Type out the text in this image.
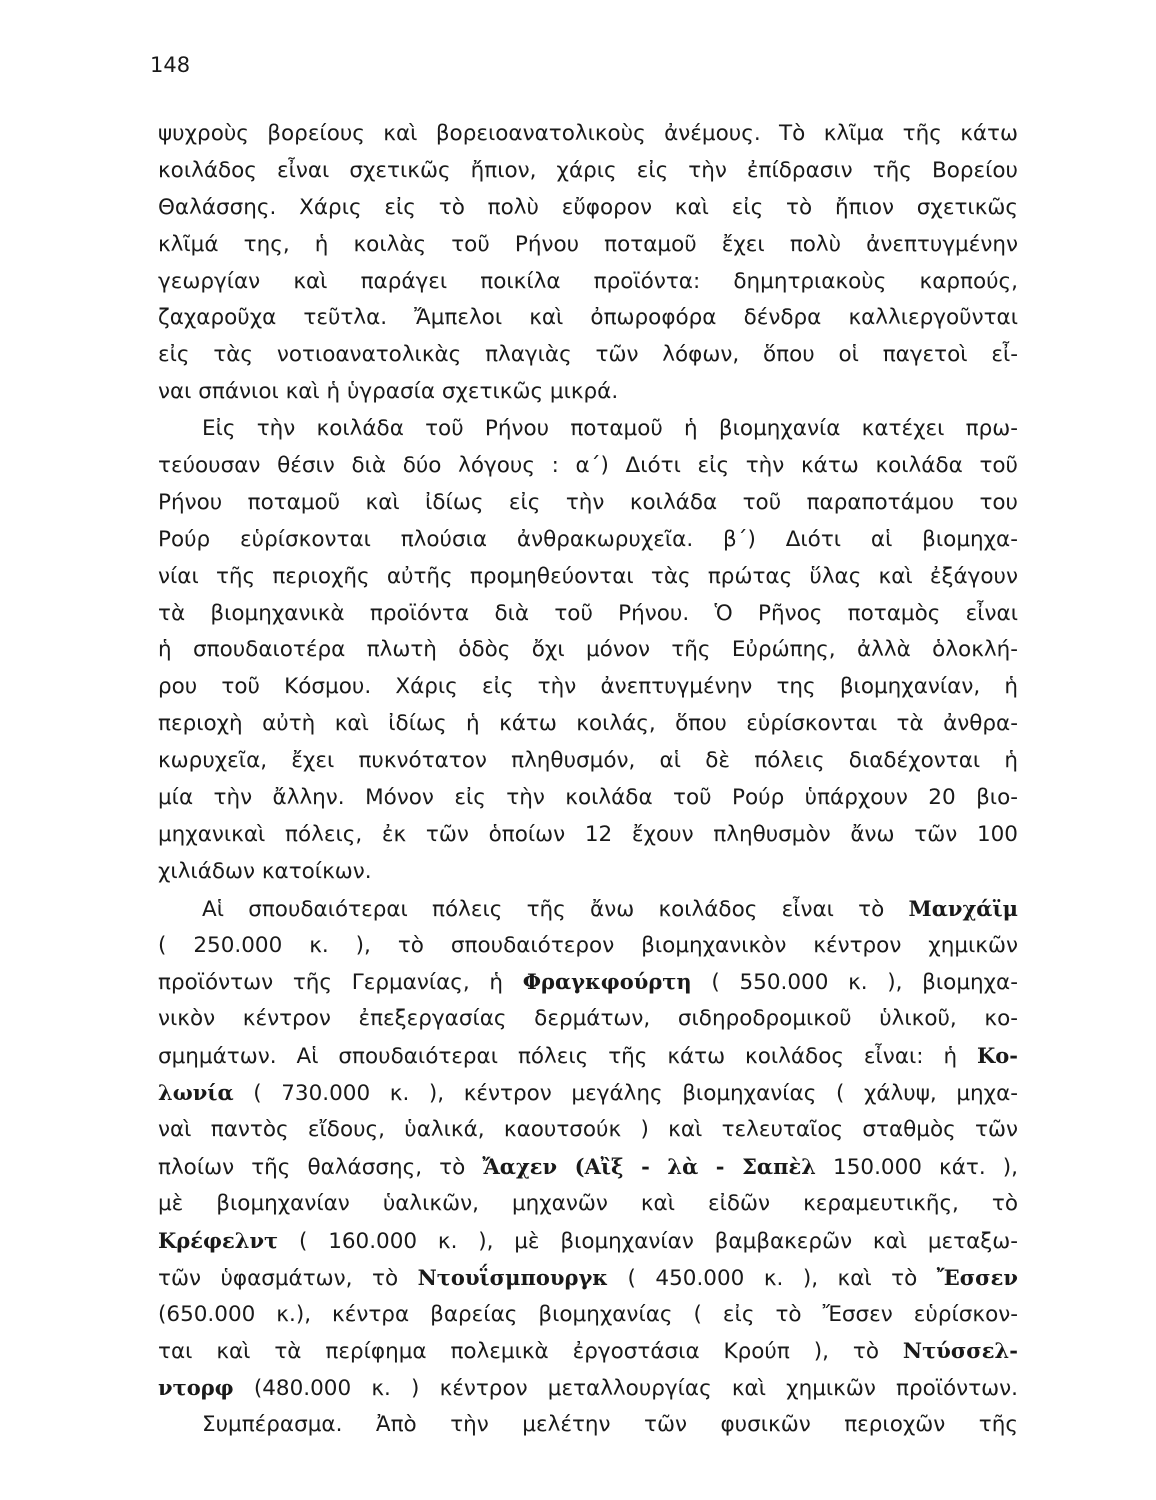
148
ψυχροὺς βορείους καὶ βορειοανατολικοὺς ἀνέμους. Τὸ κλῖμα τῆς κάτω
κοιλάδος εἶναι σχετικῶς ἤπιον, χάρις εἰς τὴν ἐπίδρασιν τῆς Βορείου
Θαλάσσης. Χάρις εἰς τὸ πολὺ εὔφορον καὶ εἰς τὸ ἤπιον σχετικῶς
κλῖμά της, ἡ κοιλὰς τοῦ Ρήνου ποταμοῦ ἔχει πολὺ ἀνεπτυγμένην
γεωργίαν καὶ παράγει ποικίλα προϊόντα: δημητριακοὺς καρπούς,
ζαχαροῦχα τεῦτλα. Ἄμπελοι καὶ ὀπωροφόρα δένδρα καλλιεργοῦνται
εἰς τὰς νοτιοανατολικὰς πλαγιὰς τῶν λόφων, ὅπου οἱ παγετοὶ εἶ-
ναι σπάνιοι καὶ ἡ ὑγρασία σχετικῶς μικρά.
Εἰς τὴν κοιλάδα τοῦ Ρήνου ποταμοῦ ἡ βιομηχανία κατέχει πρω-
τεύουσαν θέσιν διὰ δύο λόγους : α΄) Διότι εἰς τὴν κάτω κοιλάδα τοῦ
Ρήνου ποταμοῦ καὶ ἰδίως εἰς τὴν κοιλάδα τοῦ παραποτάμου του
Ρούρ εὑρίσκονται πλούσια ἀνθρακωρυχεῖα. β΄) Διότι αἱ βιομηχα-
νίαι τῆς περιοχῆς αὐτῆς προμηθεύονται τὰς πρώτας ὕλας καὶ ἐξάγουν
τὰ βιομηχανικὰ προϊόντα διὰ τοῦ Ρήνου. Ὁ Ρῆνος ποταμὸς εἶναι
ἡ σπουδαιοτέρα πλωτὴ ὁδὸς ὄχι μόνον τῆς Εὐρώπης, ἀλλὰ ὁλοκλή-
ρου τοῦ Κόσμου. Χάρις εἰς τὴν ἀνεπτυγμένην της βιομηχανίαν, ἡ
περιοχὴ αὐτὴ καὶ ἰδίως ἡ κάτω κοιλάς, ὅπου εὑρίσκονται τὰ ἀνθρα-
κωρυχεῖα, ἔχει πυκνότατον πληθυσμόν, αἱ δὲ πόλεις διαδέχονται ἡ
μία τὴν ἄλλην. Μόνον εἰς τὴν κοιλάδα τοῦ Ρούρ ὑπάρχουν 20 βιο-
μηχανικαὶ πόλεις, ἐκ τῶν ὁποίων 12 ἔχουν πληθυσμὸν ἄνω τῶν 100
χιλιάδων κατοίκων.
Αἱ σπουδαιότεραι πόλεις τῆς ἄνω κοιλάδος εἶναι τὸ Μανχάϊμ
( 250.000 κ. ), τὸ σπουδαιότερον βιομηχανικὸν κέντρον χημικῶν
προϊόντων τῆς Γερμανίας, ἡ Φραγκφούρτη ( 550.000 κ. ), βιομηχα-
νικὸν κέντρον ἐπεξεργασίας δερμάτων, σιδηροδρομικοῦ ὑλικοῦ, κο-
σμημάτων. Αἱ σπουδαιότεραι πόλεις τῆς κάτω κοιλάδος εἶναι: ἡ Κο-
λωνία ( 730.000 κ. ), κέντρον μεγάλης βιομηχανίας ( χάλυψ, μηχα-
ναὶ παντὸς εἴδους, ὑαλικά, καουτσούκ ) καὶ τελευταῖος σταθμὸς τῶν
πλοίων τῆς θαλάσσης, τὸ Ἄαχεν (Αἲξ - λὰ - Σαπὲλ 150.000 κάτ. ),
μὲ βιομηχανίαν ὑαλικῶν, μηχανῶν καὶ εἰδῶν κεραμευτικῆς, τὸ
Κρέφελντ ( 160.000 κ. ), μὲ βιομηχανίαν βαμβακερῶν καὶ μεταξω-
τῶν ὑφασμάτων, τὸ Ντουΐσμπουργκ ( 450.000 κ. ), καὶ τὸ Ἔσσεν
(650.000 κ.), κέντρα βαρείας βιομηχανίας ( εἰς τὸ Ἔσσεν εὑρίσκον-
ται καὶ τὰ περίφημα πολεμικὰ ἐργοστάσια Κρούπ ), τὸ Ντύσσελ-
ντορφ (480.000 κ. ) κέντρον μεταλλουργίας καὶ χημικῶν προϊόντων.
Συμπέρασμα. Ἀπὸ τὴν μελέτην τῶν φυσικῶν περιοχῶν τῆς
